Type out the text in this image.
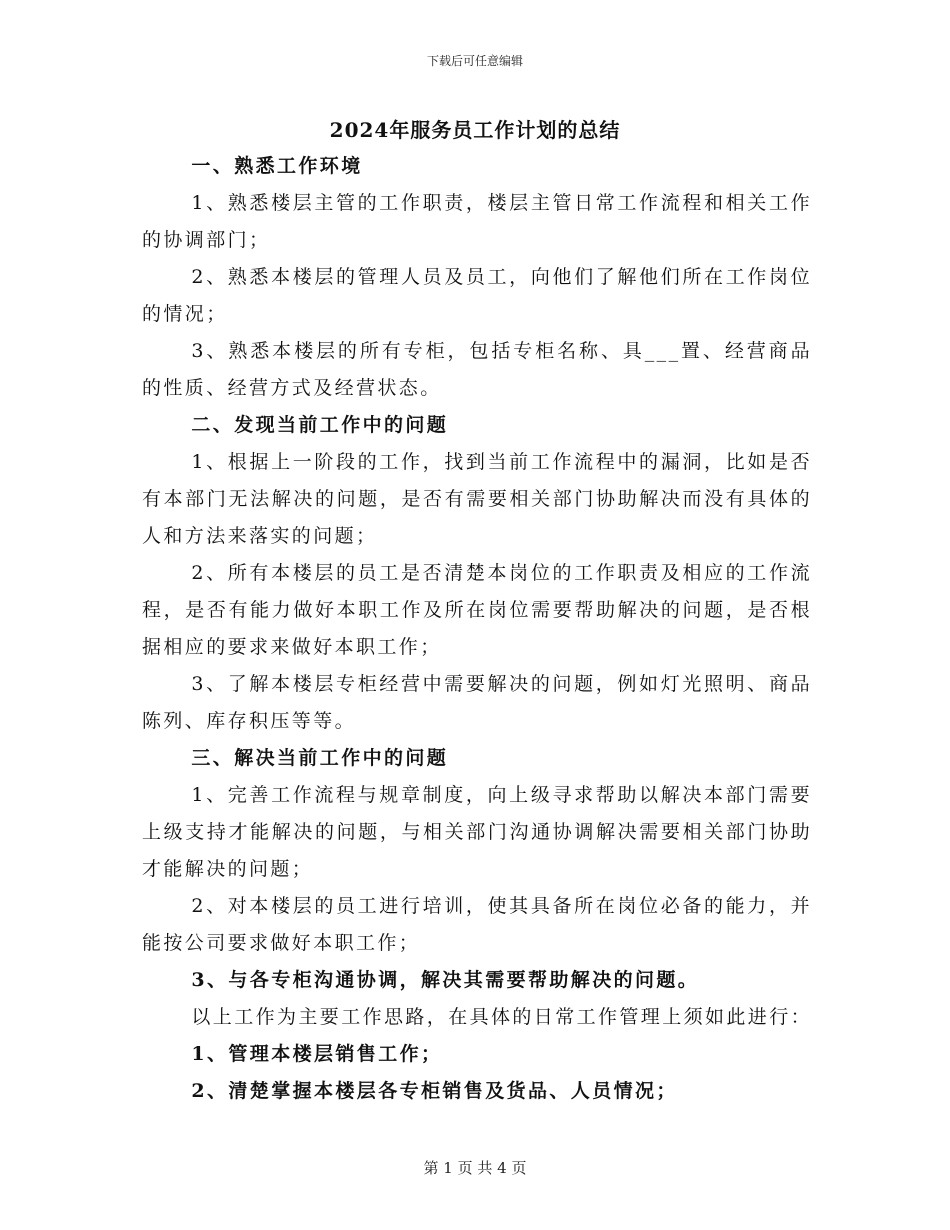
下载后可任意编辑
2024年服务员工作计划的总结

一、熟悉工作环境

1、熟悉楼层主管的工作职责，楼层主管日常工作流程和相关工作的协调部门；

2、熟悉本楼层的管理人员及员工，向他们了解他们所在工作岗位的情况；

3、熟悉本楼层的所有专柜，包括专柜名称、具___置、经营商品的性质、经营方式及经营状态。

二、发现当前工作中的问题

1、根据上一阶段的工作，找到当前工作流程中的漏洞，比如是否有本部门无法解决的问题，是否有需要相关部门协助解决而没有具体的人和方法来落实的问题；

2、所有本楼层的员工是否清楚本岗位的工作职责及相应的工作流程，是否有能力做好本职工作及所在岗位需要帮助解决的问题，是否根据相应的要求来做好本职工作；

3、了解本楼层专柜经营中需要解决的问题，例如灯光照明、商品陈列、库存积压等等。

三、解决当前工作中的问题

1、完善工作流程与规章制度，向上级寻求帮助以解决本部门需要上级支持才能解决的问题，与相关部门沟通协调解决需要相关部门协助才能解决的问题；

2、对本楼层的员工进行培训，使其具备所在岗位必备的能力，并能按公司要求做好本职工作；

3、与各专柜沟通协调，解决其需要帮助解决的问题。

以上工作为主要工作思路，在具体的日常工作管理上须如此进行：

1、管理本楼层销售工作；

2、清楚掌握本楼层各专柜销售及货品、人员情况；

第 1 页 共 4 页
